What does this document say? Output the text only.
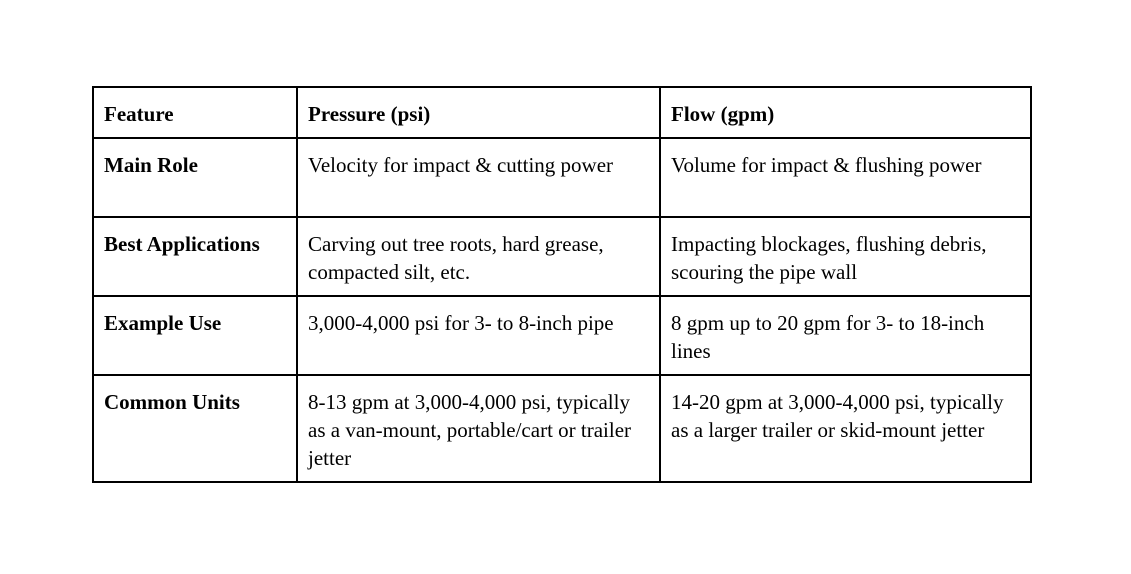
Feature	Pressure (psi)	Flow (gpm)
Main Role	Velocity for impact & cutting power	Volume for impact & flushing power
Best Applications	Carving out tree roots, hard grease, compacted silt, etc.	Impacting blockages, flushing debris, scouring the pipe wall
Example Use	3,000-4,000 psi for 3- to 8-inch pipe	8 gpm up to 20 gpm for 3- to 18-inch lines
Common Units	8-13 gpm at 3,000-4,000 psi, typically as a van-mount, portable/cart or trailer jetter	14-20 gpm at 3,000-4,000 psi, typically as a larger trailer or skid-mount jetter
